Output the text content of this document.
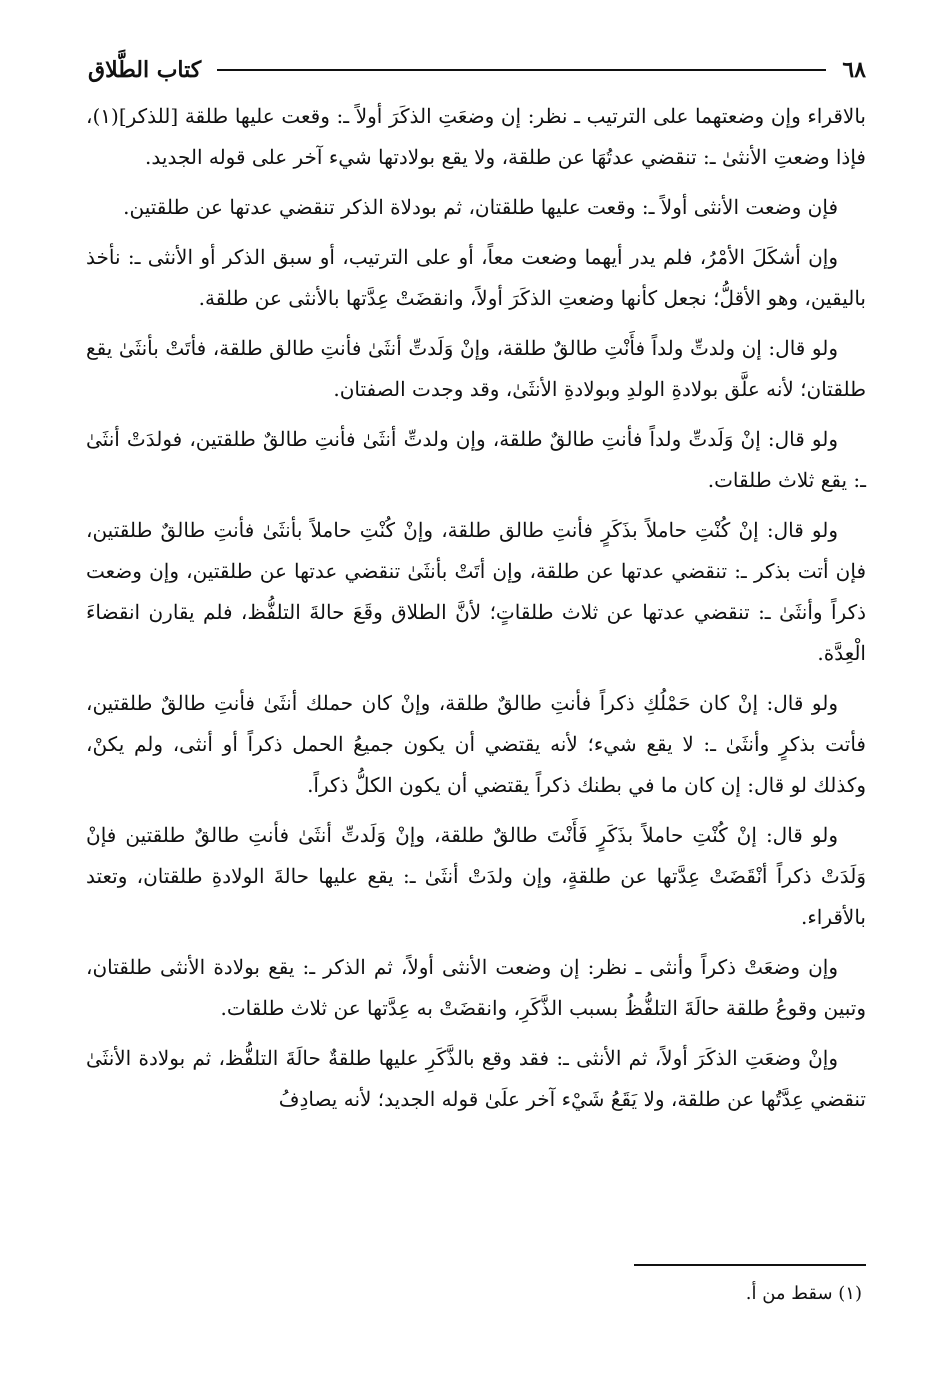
٦٨
كتاب الطَّلاق

بالاقراء وإن وضعتهما على الترتيب ـ نظر: إن وضعَتِ الذكَرَ أولاً ـ: وقعت عليها طلقة [للذكر](١)، فإذا وضعتِ الأنثىٰ ـ: تنقضي عدتُهَا عن طلقة، ولا يقع بولادتها شيء آخر على قوله الجديد.

فإن وضعت الأنثى أولاً ـ: وقعت عليها طلقتان، ثم بودلاة الذكر تنقضي عدتها عن طلقتين.

وإن أشكَلَ الأمْرُ، فلم يدر أيهما وضعت معاً، أو على الترتيب، أو سبق الذكر أو الأنثى ـ: نأخذ باليقين، وهو الأقلُّ؛ نجعل كأنها وضعتِ الذكَرَ أولاً، وانقضَتْ عِدَّتها بالأنثى عن طلقة.

ولو قال: إن ولدتِّ ولداً فأَنْتِ طالقٌ طلقة، وإنْ وَلَدتِّ أنثَىٰ فأنتِ طالق طلقة، فأتَتْ بأنثَىٰ يقع طلقتان؛ لأنه علَّق بولادةِ الولدِ وبولادةِ الأنثَىٰ، وقد وجدت الصفتان.

ولو قال: إنْ وَلَدتِّ ولداً فأنتِ طالقٌ طلقة، وإن ولدتِّ أنثَىٰ فأنتِ طالقٌ طلقتين، فولدَتْ أنثَىٰ ـ: يقع ثلاث طلقات.

ولو قال: إنْ كُنْتِ حاملاً بذَكَرٍ فأنتِ طالق طلقة، وإنْ كُنْتِ حاملاً بأنثَىٰ فأنتِ طالقٌ طلقتين، فإن أتت بذكر ـ: تنقضي عدتها عن طلقة، وإن أتَتْ بأنثَىٰ تنقضي عدتها عن طلقتين، وإن وضعت ذكراً وأنثَىٰ ـ: تنقضي عدتها عن ثلاث طلقاتٍ؛ لأنَّ الطلاق وقَعَ حالةَ التلفُّظ، فلم يقارن انقضاءَ الْعِدَّة.

ولو قال: إنْ كان حَمْلُكِ ذكراً فأنتِ طالقٌ طلقة، وإنْ كان حملك أنثَىٰ فأنتِ طالقٌ طلقتين، فأتت بذكرٍ وأنثَىٰ ـ: لا يقع شيء؛ لأنه يقتضي أن يكون جميعُ الحمل ذكراً أو أنثى، ولم يكنْ، وكذلك لو قال: إن كان ما في بطنك ذكراً يقتضي أن يكون الكلُّ ذكراً.

ولو قال: إنْ كُنْتِ حاملاً بذَكَرٍ فَأَنْتَ طالقٌ طلقة، وإنْ وَلَدتِّ أنثَىٰ فأنتِ طالقٌ طلقتين فإنْ وَلَدَتْ ذكراً أنْقَضَتْ عِدَّتها عن طلقةٍ، وإن ولدَتْ أنثَىٰ ـ: يقع عليها حالةَ الولادةِ طلقتان، وتعتد بالأقراء.

وإن وضعَتْ ذكراً وأنثى ـ نظر: إن وضعت الأنثى أولاً، ثم الذكر ـ: يقع بولادة الأنثى طلقتان، وتبين وقوعُ طلقة حالَةَ التلفُّظُ بسبب الذَّكَرِ، وانقضَتْ به عِدَّتها عن ثلاث طلقات.

وإنْ وضعَتِ الذكَرَ أولاً، ثم الأنثى ـ: فقد وقع بالذَّكَرِ عليها طلقةٌ حالَةَ التلفُّظ، ثم بولادة الأنثَىٰ تنقضي عِدَّتُها عن طلقة، ولا يَقَعُ شَيْء آخر علَىٰ قوله الجديد؛ لأنه يصادِفُ

(١) سقط من أ.
